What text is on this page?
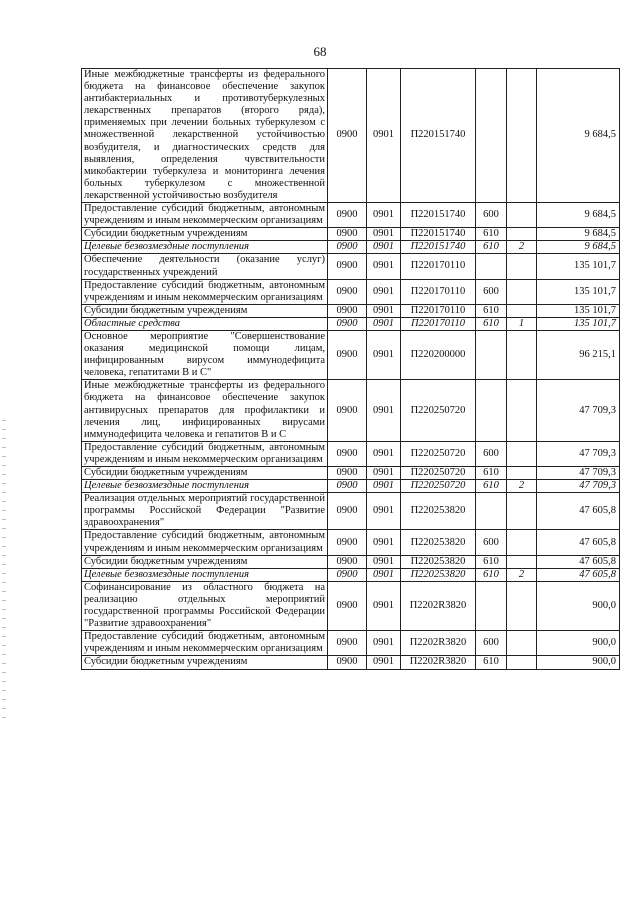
68
Иные межбюджетные трансферты из федерального бюджета на финансовое обеспечение закупок антибактериальных и противотуберкулезных лекарственных препаратов (второго ряда), применяемых при лечении больных туберкулезом с множественной лекарственной устойчивостью возбудителя, и диагностических средств для выявления, определения чувствительности микобактерии туберкулеза и мониторинга лечения больных туберкулезом с множественной лекарственной устойчивостью возбудителя	0900	0901	П220151740			9 684,5
Предоставление субсидий бюджетным, автономным учреждениям и иным некоммерческим организациям	0900	0901	П220151740	600		9 684,5
Субсидии бюджетным учреждениям	0900	0901	П220151740	610		9 684,5
Целевые безвозмездные поступления	0900	0901	П220151740	610	2	9 684,5
Обеспечение деятельности (оказание услуг) государственных учреждений	0900	0901	П220170110			135 101,7
Предоставление субсидий бюджетным, автономным учреждениям и иным некоммерческим организациям	0900	0901	П220170110	600		135 101,7
Субсидии бюджетным учреждениям	0900	0901	П220170110	610		135 101,7
Областные средства	0900	0901	П220170110	610	1	135 101,7
Основное мероприятие "Совершенствование оказания медицинской помощи лицам, инфицированным вирусом иммунодефицита человека, гепатитами В и С"	0900	0901	П220200000			96 215,1
Иные межбюджетные трансферты из федерального бюджета на финансовое обеспечение закупок антивирусных препаратов для профилактики и лечения лиц, инфицированных вирусами иммунодефицита человека и гепатитов В и С	0900	0901	П220250720			47 709,3
Предоставление субсидий бюджетным, автономным учреждениям и иным некоммерческим организациям	0900	0901	П220250720	600		47 709,3
Субсидии бюджетным учреждениям	0900	0901	П220250720	610		47 709,3
Целевые безвозмездные поступления	0900	0901	П220250720	610	2	47 709,3
Реализация отдельных мероприятий государственной программы Российской Федерации "Развитие здравоохранения"	0900	0901	П220253820			47 605,8
Предоставление субсидий бюджетным, автономным учреждениям и иным некоммерческим организациям	0900	0901	П220253820	600		47 605,8
Субсидии бюджетным учреждениям	0900	0901	П220253820	610		47 605,8
Целевые безвозмездные поступления	0900	0901	П220253820	610	2	47 605,8
Софинансирование из областного бюджета на реализацию отдельных мероприятий государственной программы Российской Федерации "Развитие здравоохранения"	0900	0901	П2202R3820			900,0
Предоставление субсидий бюджетным, автономным учреждениям и иным некоммерческим организациям	0900	0901	П2202R3820	600		900,0
Субсидии бюджетным учреждениям	0900	0901	П2202R3820	610		900,0
